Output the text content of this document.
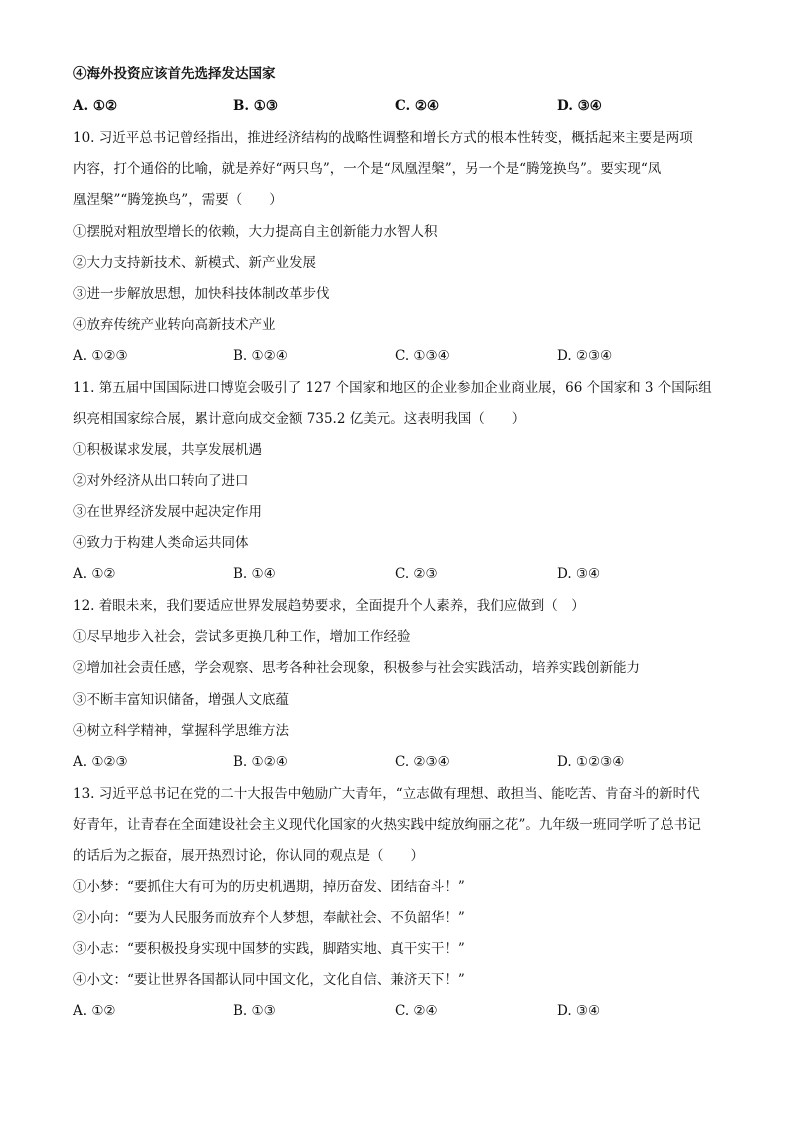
④海外投资应该首先选择发达国家
A. ①②	B. ①③	C. ②④	D. ③④
10. 习近平总书记曾经指出，推进经济结构的战略性调整和增长方式的根本性转变，概括起来主要是两项
内容，打个通俗的比喻，就是养好“两只鸟”，一个是“凤凰涅槃”，另一个是“腾笼换鸟”。要实现“凤
凰涅槃”“腾笼换鸟”，需要（　　）
①摆脱对粗放型增长的依赖，大力提高自主创新能力水智人积
②大力支持新技术、新模式、新产业发展
③进一步解放思想，加快科技体制改革步伐
④放弃传统产业转向高新技术产业
A. ①②③	B. ①②④	C. ①③④	D. ②③④
11. 第五届中国国际进口博览会吸引了 127 个国家和地区的企业参加企业商业展，66 个国家和 3 个国际组
织亮相国家综合展，累计意向成交金额 735.2 亿美元。这表明我国（　　）
①积极谋求发展，共享发展机遇
②对外经济从出口转向了进口
③在世界经济发展中起决定作用
④致力于构建人类命运共同体
A. ①②	B. ①④	C. ②③	D. ③④
12. 着眼未来，我们要适应世界发展趋势要求，全面提升个人素养，我们应做到（　）
①尽早地步入社会，尝试多更换几种工作，增加工作经验
②增加社会责任感，学会观察、思考各种社会现象，积极参与社会实践活动，培养实践创新能力
③不断丰富知识储备，增强人文底蕴
④树立科学精神，掌握科学思维方法
A. ①②③	B. ①②④	C. ②③④	D. ①②③④
13. 习近平总书记在党的二十大报告中勉励广大青年，“立志做有理想、敢担当、能吃苦、肯奋斗的新时代
好青年，让青春在全面建设社会主义现代化国家的火热实践中绽放绚丽之花”。九年级一班同学听了总书记
的话后为之振奋，展开热烈讨论，你认同的观点是（　　）
①小梦：“要抓住大有可为的历史机遇期，掉历奋发、团结奋斗！”
②小向：“要为人民服务而放弃个人梦想，奉献社会、不负韶华！”
③小志：“要积极投身实现中国梦的实践，脚踏实地、真干实干！”
④小文：“要让世界各国都认同中国文化，文化自信、兼济天下！”
A. ①②	B. ①③	C. ②④	D. ③④
